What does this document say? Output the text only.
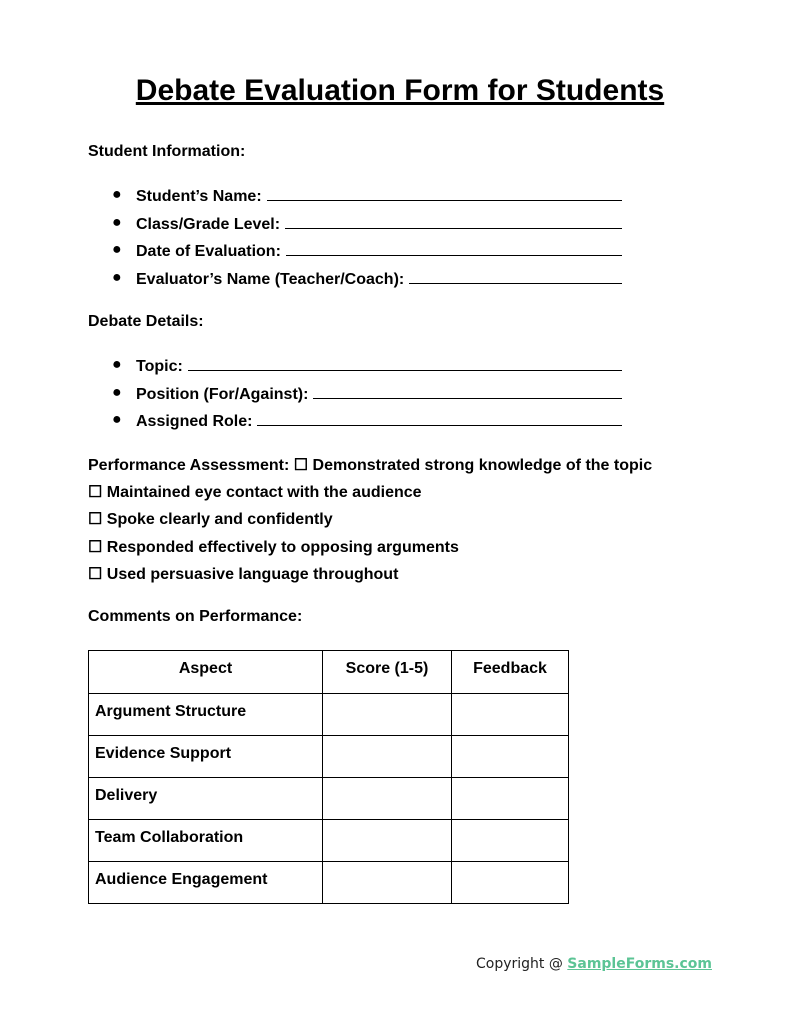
Debate Evaluation Form for Students
Student Information:
● Student’s Name:
● Class/Grade Level:
● Date of Evaluation:
● Evaluator’s Name (Teacher/Coach):
Debate Details:
● Topic:
● Position (For/Against):
● Assigned Role:
Performance Assessment: ☐ Demonstrated strong knowledge of the topic
☐ Maintained eye contact with the audience
☐ Spoke clearly and confidently
☐ Responded effectively to opposing arguments
☐ Used persuasive language throughout
Comments on Performance:
Aspect	Score (1-5)	Feedback
Argument Structure		
Evidence Support		
Delivery		
Team Collaboration		
Audience Engagement		
Copyright @ SampleForms.com
